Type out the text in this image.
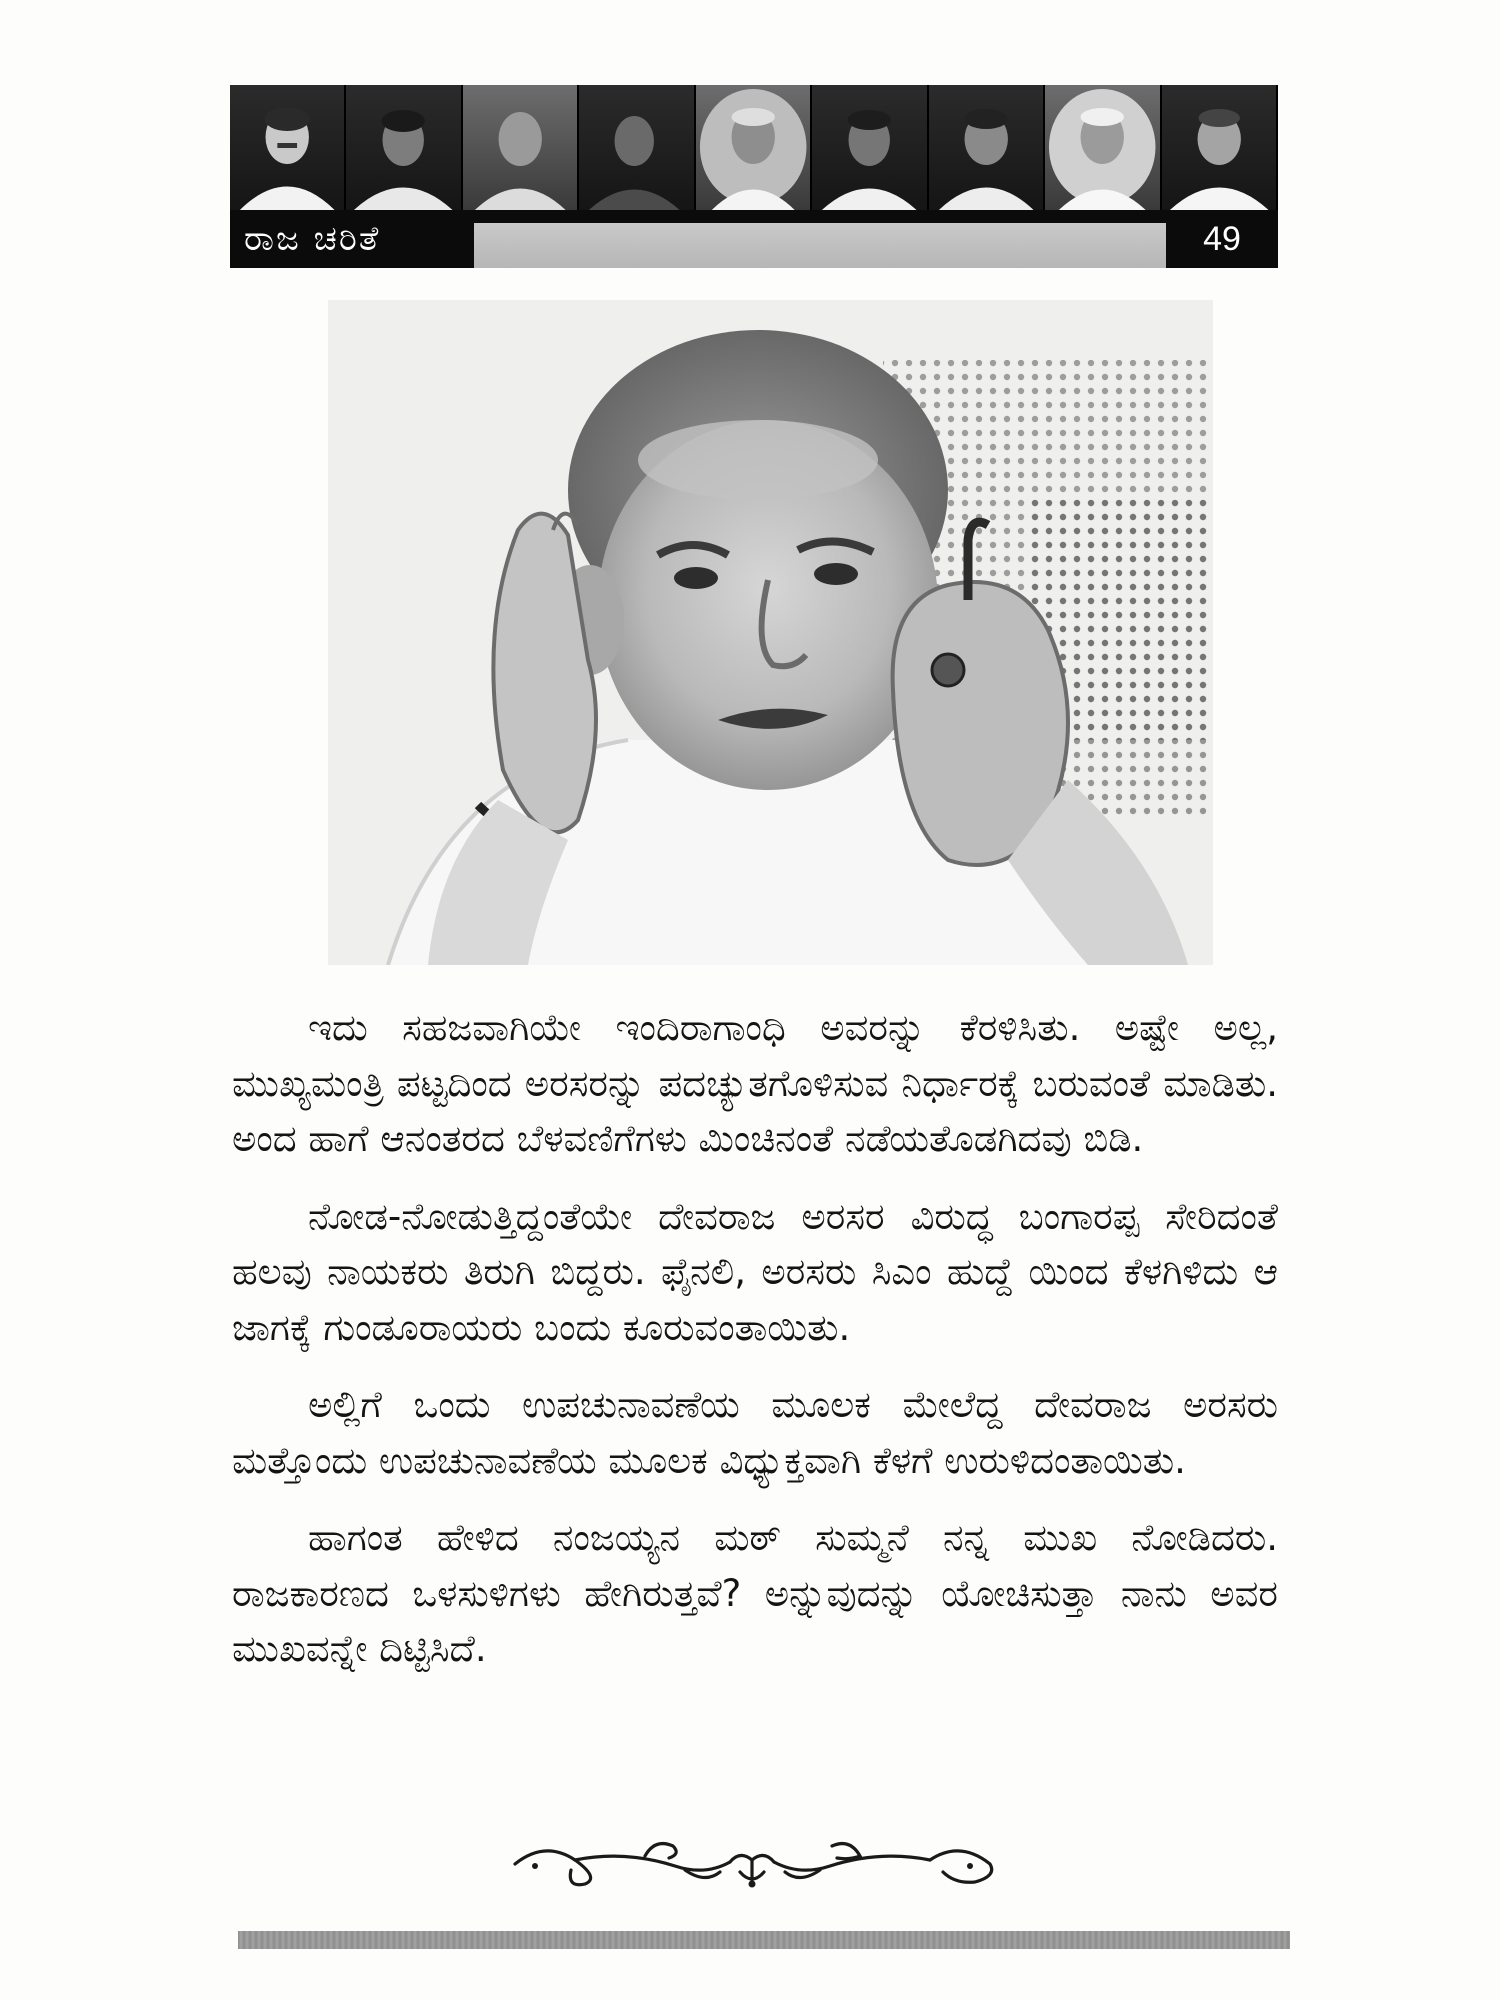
ರಾಜ ಚರಿತೆ	49

ಇದು ಸಹಜವಾಗಿಯೇ ಇಂದಿರಾಗಾಂಧಿ ಅವರನ್ನು ಕೆರಳಿಸಿತು. ಅಷ್ಟೇ ಅಲ್ಲ, ಮುಖ್ಯಮಂತ್ರಿ ಪಟ್ಟದಿಂದ ಅರಸರನ್ನು ಪದಚ್ಯುತಗೊಳಿಸುವ ನಿರ್ಧಾರಕ್ಕೆ ಬರುವಂತೆ ಮಾಡಿತು. ಅಂದ ಹಾಗೆ ಆನಂತರದ ಬೆಳವಣಿಗೆಗಳು ಮಿಂಚಿನಂತೆ ನಡೆಯತೊಡಗಿದವು ಬಿಡಿ.

ನೋಡ-ನೋಡುತ್ತಿದ್ದಂತೆಯೇ ದೇವರಾಜ ಅರಸರ ವಿರುದ್ಧ ಬಂಗಾರಪ್ಪ ಸೇರಿದಂತೆ ಹಲವು ನಾಯಕರು ತಿರುಗಿ ಬಿದ್ದರು. ಫೈನಲಿ, ಅರಸರು ಸಿಎಂ ಹುದ್ದೆ ಯಿಂದ ಕೆಳಗಿಳಿದು ಆ ಜಾಗಕ್ಕೆ ಗುಂಡೂರಾಯರು ಬಂದು ಕೂರುವಂತಾಯಿತು.

ಅಲ್ಲಿಗೆ ಒಂದು ಉಪಚುನಾವಣೆಯ ಮೂಲಕ ಮೇಲೆದ್ದ ದೇವರಾಜ ಅರಸರು ಮತ್ತೊಂದು ಉಪಚುನಾವಣೆಯ ಮೂಲಕ ವಿಧ್ಯುಕ್ತವಾಗಿ ಕೆಳಗೆ ಉರುಳಿದಂತಾಯಿತು.

ಹಾಗಂತ ಹೇಳಿದ ನಂಜಯ್ಯನ ಮಠ್ ಸುಮ್ಮನೆ ನನ್ನ ಮುಖ ನೋಡಿದರು. ರಾಜಕಾರಣದ ಒಳಸುಳಿಗಳು ಹೇಗಿರುತ್ತವೆ? ಅನ್ನುವುದನ್ನು ಯೋಚಿಸುತ್ತಾ ನಾನು ಅವರ ಮುಖವನ್ನೇ ದಿಟ್ಟಿಸಿದೆ.
